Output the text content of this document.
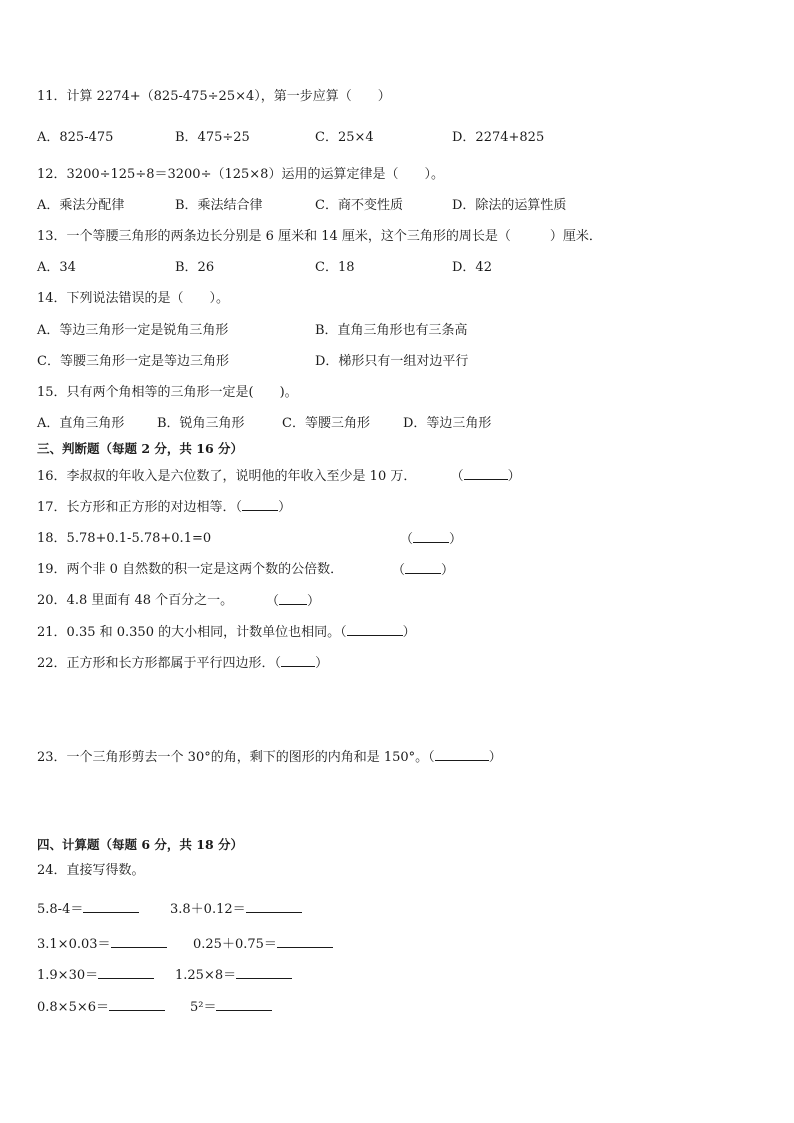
11．计算 2274+（825-475÷25×4），第一步应算（　　）
A．825-475	B．475÷25	C．25×4	D．2274+825
12．3200÷125÷8＝3200÷（125×8）运用的运算定律是（　　）。
A．乘法分配律	B．乘法结合律	C．商不变性质	D．除法的运算性质
13．一个等腰三角形的两条边长分别是 6 厘米和 14 厘米，这个三角形的周长是（　　　）厘米．
A．34	B．26	C．18	D．42
14．下列说法错误的是（　　）。
A．等边三角形一定是锐角三角形	B．直角三角形也有三条高
C．等腰三角形一定是等边三角形	D．梯形只有一组对边平行
15．只有两个角相等的三角形一定是(　　)。
A．直角三角形	B．锐角三角形	C．等腰三角形	D．等边三角形
三、判断题（每题 2 分，共 16 分）
16．李叔叔的年收入是六位数了，说明他的年收入至少是 10 万．	（	）
17．长方形和正方形的对边相等．（	）
18．5.78+0.1-5.78+0.1=0	（	）
19．两个非 0 自然数的积一定是这两个数的公倍数．	（	）
20．4.8 里面有 48 个百分之一。	（ ）
21．0.35 和 0.350 的大小相同，计数单位也相同。（	）
22．正方形和长方形都属于平行四边形．（	）
23．一个三角形剪去一个 30°的角，剩下的图形的内角和是 150°。（	）
四、计算题（每题 6 分，共 18 分）
24．直接写得数。
5.8-4＝	3.8＋0.12＝
3.1×0.03＝	0.25＋0.75＝
1.9×30＝	1.25×8＝
0.8×5×6＝	5²＝
